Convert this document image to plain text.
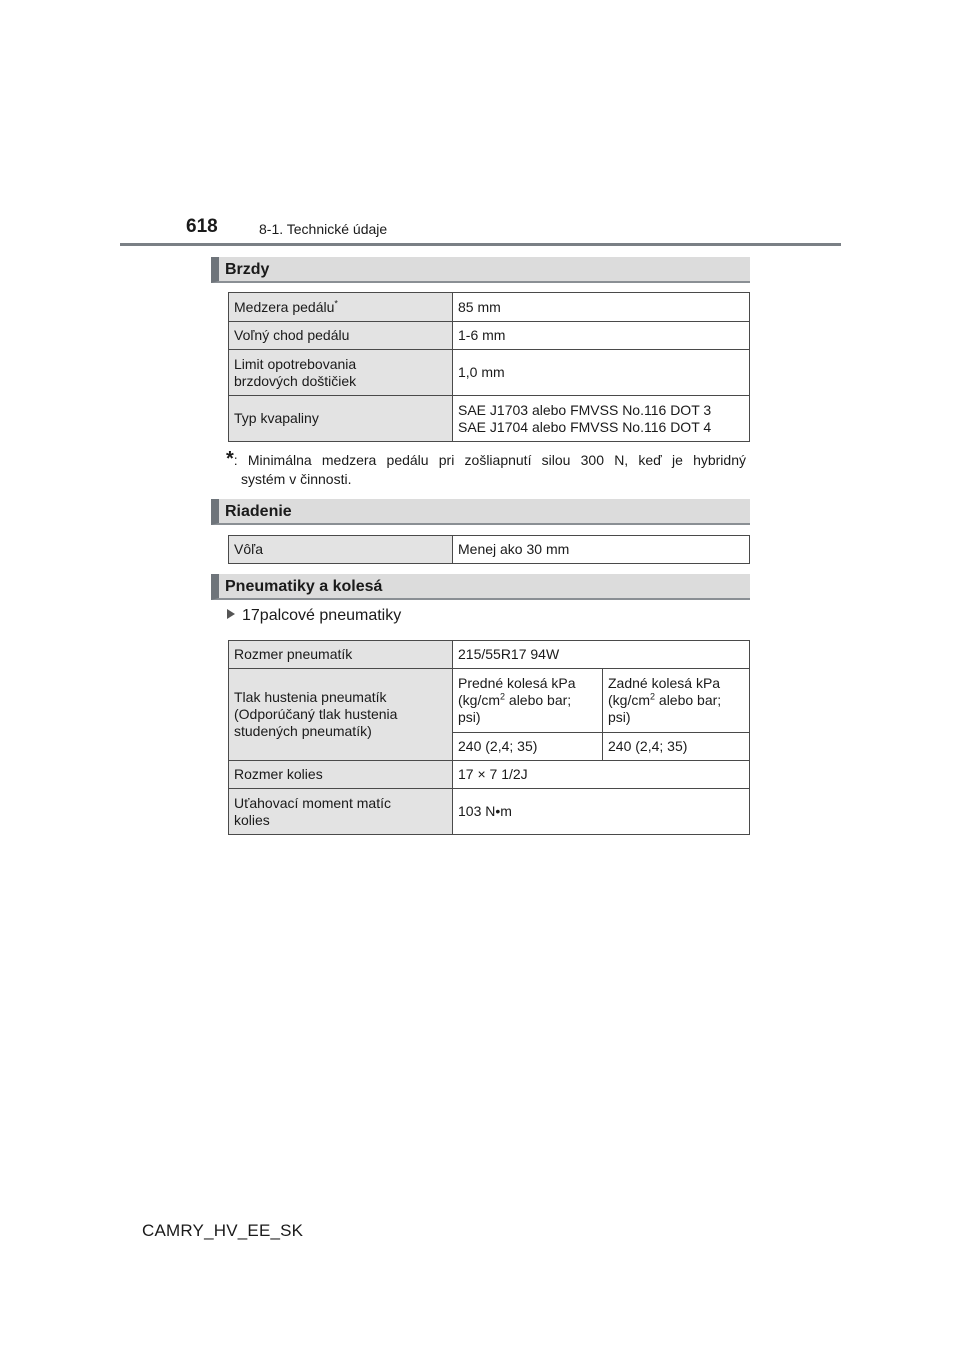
618	8-1. Technické údaje
Brzdy
Medzera pedálu*	85 mm
Voľný chod pedálu	1-6 mm
Limit opotrebovania
brzdových doštičiek	1,0 mm
Typ kvapaliny	SAE J1703 alebo FMVSS No.116 DOT 3
SAE J1704 alebo FMVSS No.116 DOT 4
*: Minimálna medzera pedálu pri zošliapnutí silou 300 N, keď je hybridný
systém v činnosti.
Riadenie
Vôľa	Menej ako 30 mm
Pneumatiky a kolesá
17palcové pneumatiky
Rozmer pneumatík	215/55R17 94W	
Tlak hustenia pneumatík
(Odporúčaný tlak hustenia
studených pneumatík)	Predné kolesá kPa
($kg/cm^2$ alebo bar;
psi)	Zadné kolesá kPa
($kg/cm^2$ alebo bar;
psi)
	240 (2,4; 35)	240 (2,4; 35)
Rozmer kolies	17 × 7 1/2J	
Uťahovací moment matíc
kolies	103 N•m	
CAMRY_HV_EE_SK
